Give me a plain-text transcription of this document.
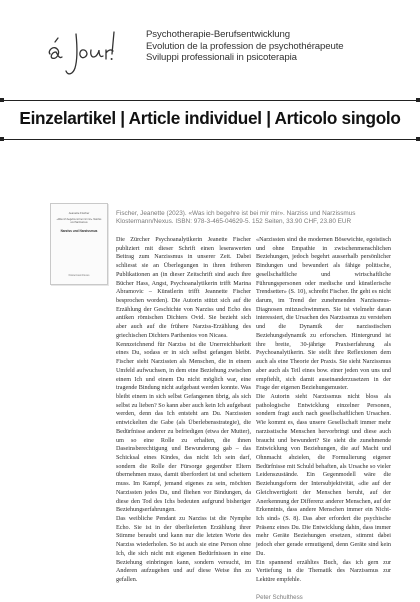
Psychotherapie-Berufsentwicklung
Evolution de la profession de psychothérapeute
Sviluppi professionali in psicoterapia
Einzelartikel | Article individuel | Articolo singolo
Jeanette Fischer
«Was ich begehre ist bei mir mir». Narziss und Narzissmus
Narziss und Narzissmus
Klostermann/Nexus

Fischer, Jeanette (2023). «Was ich begehre ist bei mir mir». Narziss und Narzissmus

Klostermann/Nexus. ISBN: 978-3-465-04629-5. 152 Seiten, 33.90 CHF, 23.80 EUR

Die Zürcher Psychoanalytikerin Jeanette Fischer publiziert mit dieser Schrift einen lesenswerten Beitrag zum Narzissmus in unserer Zeit. Dabei schliesst sie an Überlegungen in ihren früheren Publikationen an (in dieser Zeitschrift sind auch ihre Bücher Hass, Angst, Psychoanalytikerin trifft Marina Abramovic – Künstlerin trifft Jeannette Fischer besprochen worden). Die Autorin stützt sich auf die Erzählung der Geschichte von Narziss und Echo des antiken römischen Dichters Ovid. Sie bezieht sich aber auch auf die frühere Narziss-Erzählung des griechischen Dichters Parthenios von Nicaea.

Kennzeichnend für Narziss ist die Unerreichbarkeit eines Du, sodass er in sich selbst gefangen bleibt. Fischer sieht Narzissten als Menschen, die in einem Umfeld aufwuchsen, in dem eine Beziehung zwischen einem Ich und einem Du nicht möglich war, eine tragende Bindung nicht aufgebaut werden konnte. Was bleibt einem in sich selbst Gefangenen übrig, als sich selbst zu lieben? So kann aber auch kein Ich aufgebaut werden, denn das Ich entsteht am Du. Narzissten entwickelten die Gabe (als Überlebensstrategie), die Bedürfnisse anderer zu befriedigen (etwa der Mutter), um so eine Rolle zu erhalten, die ihnen Daseinsberechtigung und Bewunderung gab – das Schicksal eines Kindes, das nicht Ich sein darf, sondern die Rolle der Fürsorge gegenüber Eltern übernehmen muss, damit überfordert ist und scheitern muss. Im Kampf, jemand eigenes zu sein, möchten Narzissten jedes Du, und fliehen vor Bindungen, da diese den Tod des Ichs bedeuten aufgrund bisheriger Beziehungserfahrungen.

Das weibliche Pendant zu Narziss ist die Nymphe Echo. Sie ist in der überlieferten Erzählung ihrer Stimme beraubt und kann nur die letzten Worte des Narziss wiederholen. So ist auch sie eine Person ohne Ich, die sich nicht mit eigenen Bedürfnissen in eine Beziehung einbringen kann, sondern versucht, im Anderen aufzugehen und auf diese Weise ihn zu gefallen.

«Narzissten sind die modernen Bösewichte, egoistisch und ohne Empathie in zwischenmenschlichen Beziehungen, jedoch begehrt ausserhalb persönlicher Bindungen und bewundert als fähige politische, gesellschaftliche und wirtschaftliche Führungspersonen oder medische und künstlerische Trendsetter» (S. 10), schreibt Fischer. Ihr geht es nicht darum, im Trend der zunehmenden Narzissmus-Diagnosen mitzuschwimmen. Sie ist vielmehr daran interessiert, die Ursachen des Narzissmus zu verstehen und die Dynamik der narzisstischen Beziehungsdynamik zu erforschen. Hintergrund ist ihre breite, 30-jährige Praxiserfahrung als Psychoanalytikerin. Sie stellt ihre Reflexionen dem auch als eine Theorie der Praxis. Sie sieht Narzissmus aber auch als Teil eines bow. einer jeden von uns und empfiehlt, sich damit auseinanderzusetzen in der Frage der eigenen Beziehungsmuster.

Die Autorin sieht Narzissmus nicht bloss als pathologische Entwicklung einzelner Personen, sondern fragt auch nach gesellschaftlichen Ursachen. Wie kommt es, dass unsere Gesellschaft immer mehr narzisstische Menschen hervorbringt und diese auch braucht und bewundert? Sie sieht die zunehmende Entwicklung von Beziehungen, die auf Macht und Ohnmacht abzielen, die Formulierung eigener Bedürfnisse mit Schuld behaften, als Ursache so vieler Leidenszustände. Ein Gegenmodell wäre die Beziehungsform der Intersubjektivität, «die auf der Gleichwertigkeit der Menschen beruht, auf der Anerkennung der Differenz anderer Menschen, auf der Erkenntnis, dass andere Menschen immer ein Nicht-Ich sind» (S. 8). Das aber erfordert die psychische Präsenz eines Du. Die Entwicklung dahin, dass immer mehr Geräte Beziehungen ersetzen, stimmt dabei jedoch eher gerade ermutigend, denn Geräte sind kein Du.

Ein spannend erzähltes Buch, das ich gern zur Vertiefung in die Thematik des Narzissmus zur Lektüre empfehle.

Peter Schulthess
